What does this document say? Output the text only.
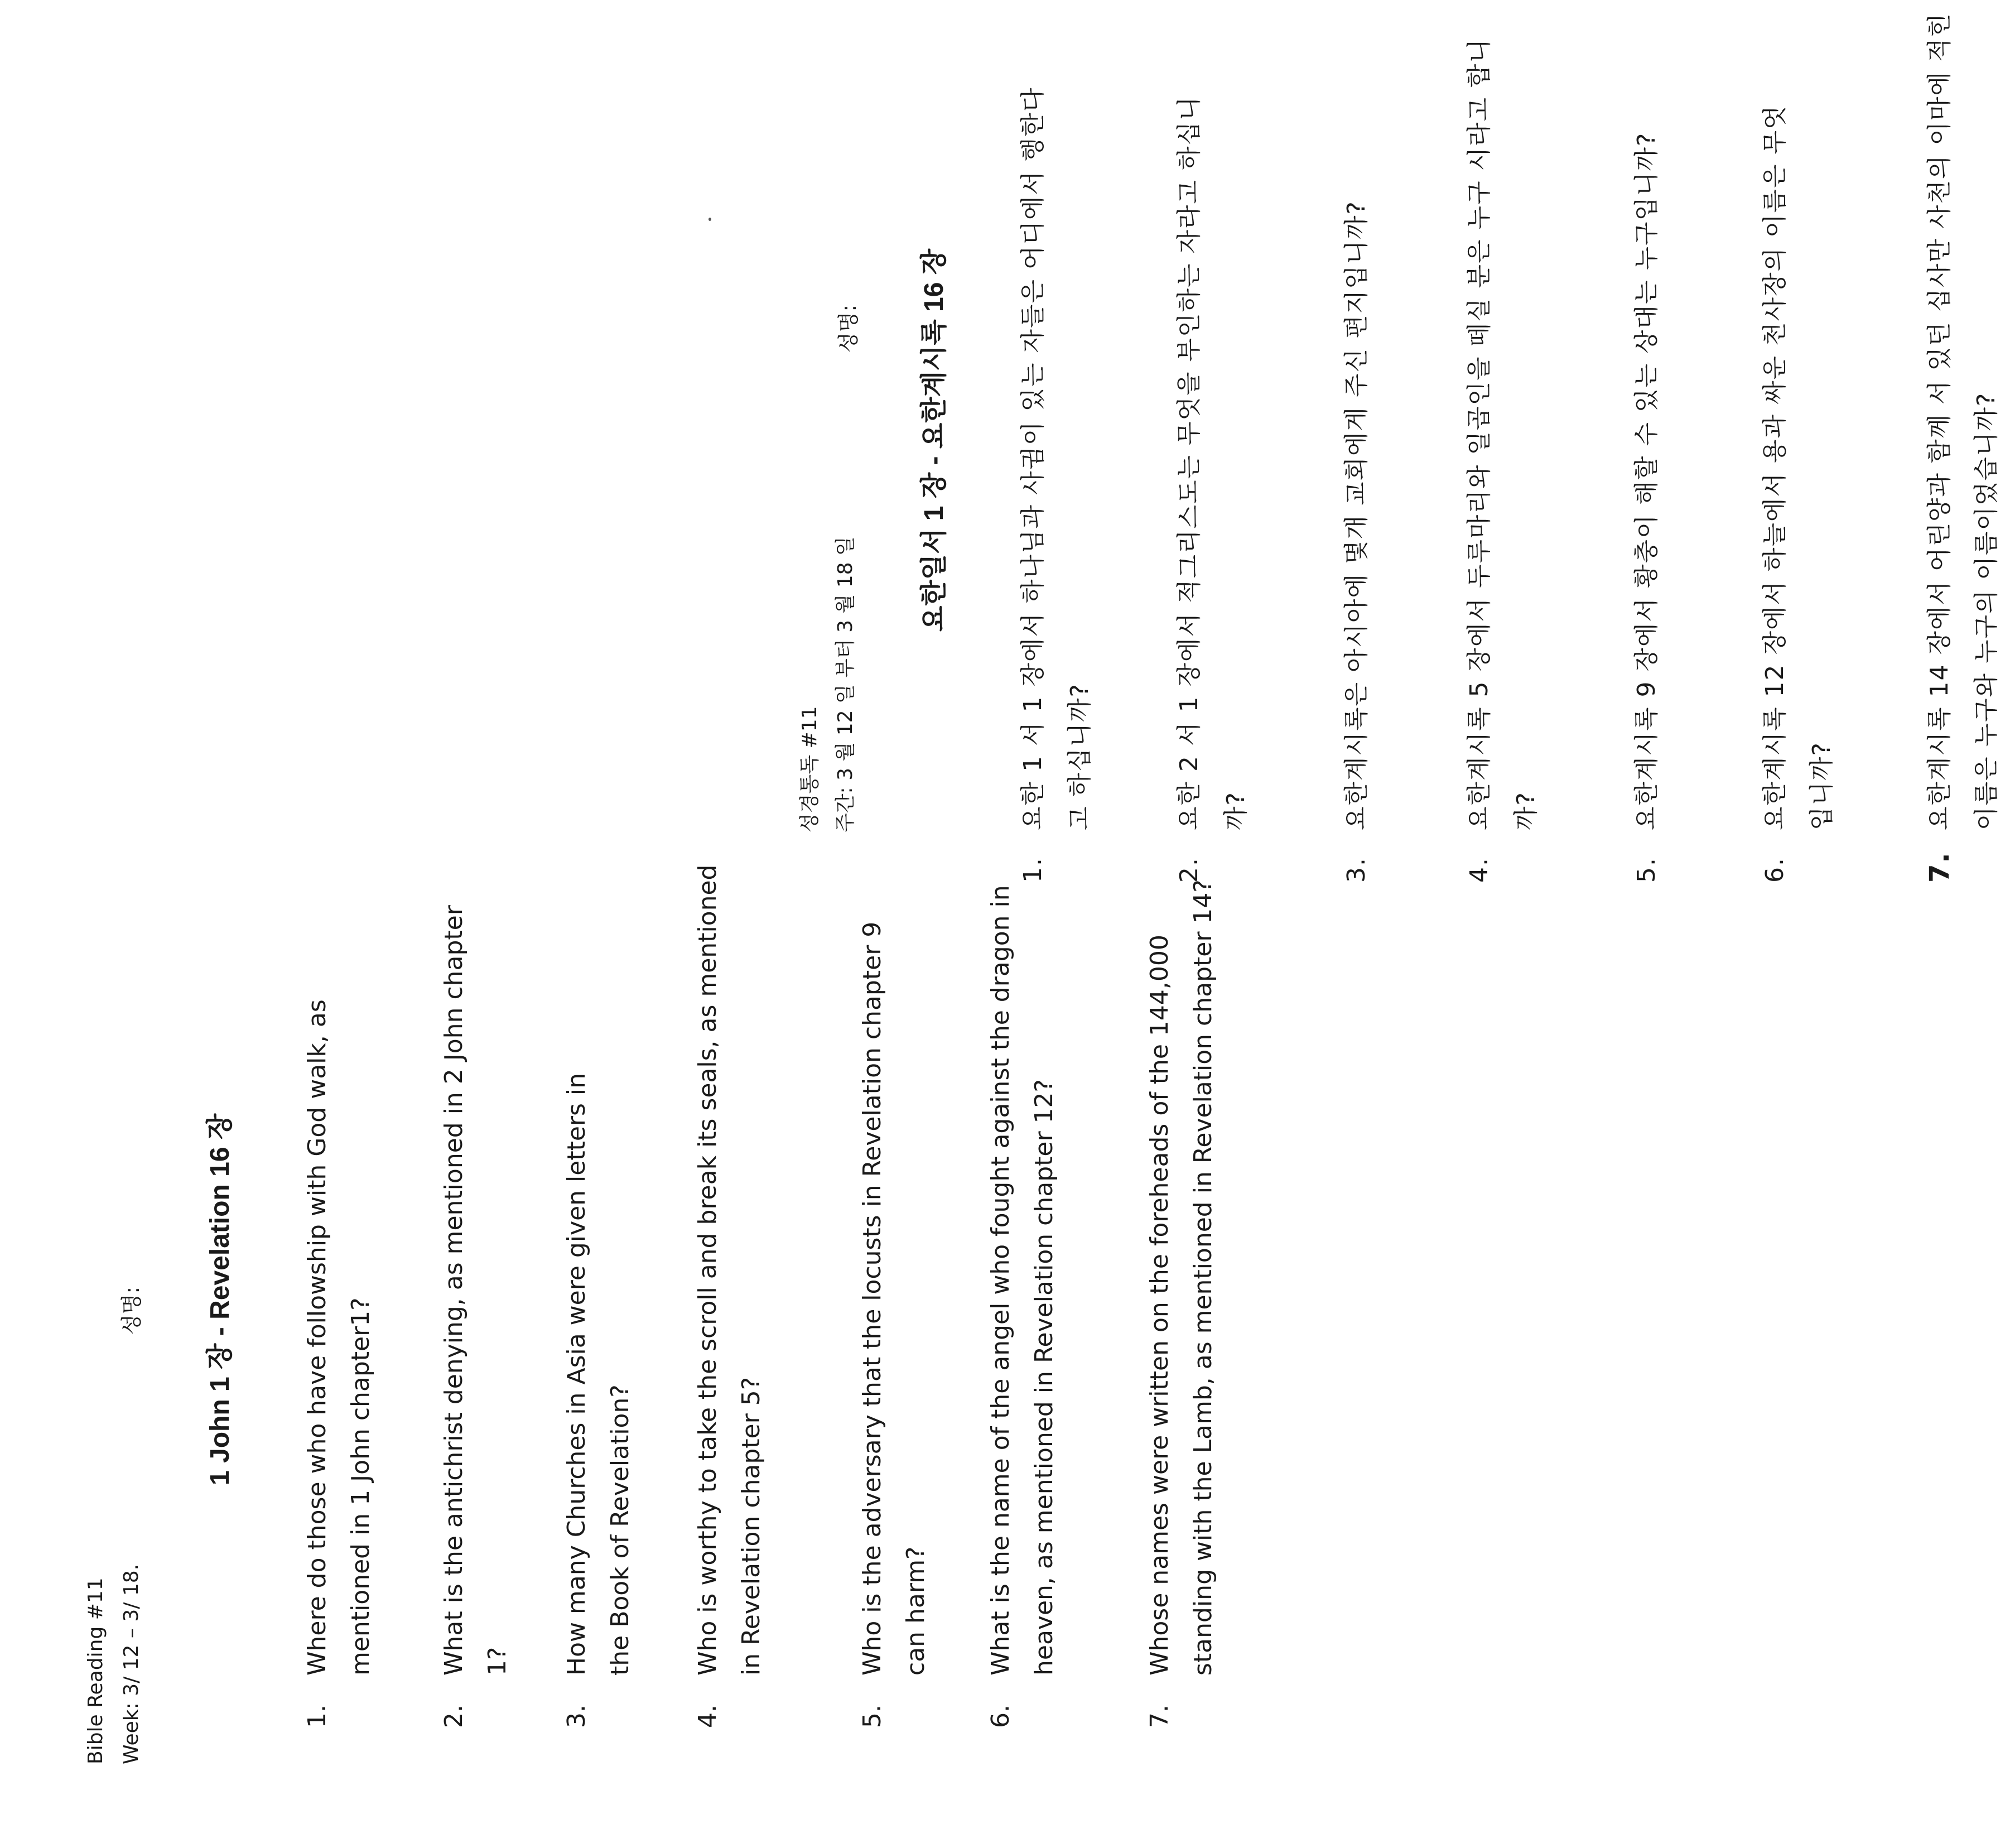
Bible Reading #11 Week: 3/ 12 – 3/ 18.
성명: 1 John 1 장 - Revelation 16 장
1.
Where do those who have followship with God walk, as mentioned in 1 John chapter1?
2.
What is the antichrist denying, as mentioned in 2 John chapter 1?
3.
How many Churches in Asia were given letters in the Book of Revelation?
4.
Who is worthy to take the scroll and break its seals, as mentioned in Revelation chapter 5?
5.
Who is the adversary that the locusts in Revelation chapter 9 can harm?
6.
What is the name of the angel who fought against the dragon in heaven, as mentioned in Revelation chapter 12?
7.
Whose names were written on the foreheads of the 144,000 standing with the Lamb, as mentioned in Revelation chapter 14?
성경통독 #11 주간: 3 월 12 일 부터 3 월 18 일
성명: 요한일서 1 장 - 요한계시록 16 장
1.
요한 1 서 1 장에서 하나님과 사귐이 있는 자들은 어디에서 행한다고 하십니까?
2.
요한 2 서 1 장에서 적그리스도는 무엇을 부인하는 자라고 하십니까?
3.
요한계시록은 아시아에 몇개 교회에게 주신 편지입니까?
4.
요한계시록 5 장에서 두루마리와 일곱인을 떼실 분은 누구 시라고 합니까?
5.
요한계시록 9 장에서 황충이 해할 수 있는 상대는 누구입니까?
6.
요한계시록 12 장에서 하늘에서 용과 싸운 천사장의 이름은 무엇입니까?
7.
요한계시록 14 장에서 어린양과 함께 서 있던 십사만 사천의 이마에 적힌 이름은 누구와 누구의 이름이었습니까?
